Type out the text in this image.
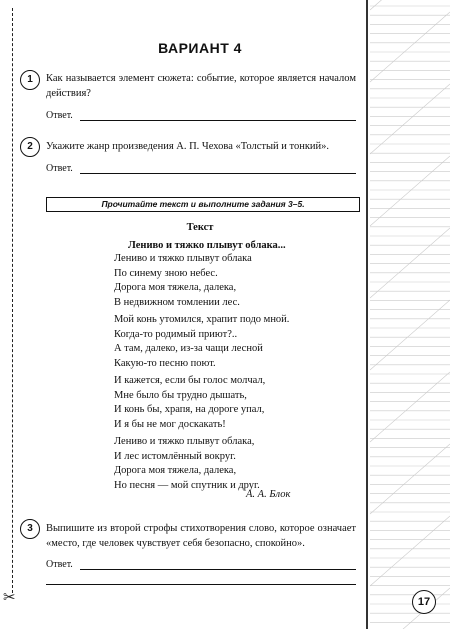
✂
ВАРИАНТ 4
1	Как называется элемент сюжета: событие, которое является началом действия?
Ответ.
2	Укажите жанр произведения А. П. Чехова «Толстый и тонкий».
Ответ.
Прочитайте текст и выполните задания 3–5.
Текст
Лениво и тяжко плывут облака...
Лениво и тяжко плывут облака
По синему зною небес.
Дорога моя тяжела, далека,
В недвижном томлении лес.
Мой конь утомился, храпит подо мной.
Когда-то родимый приют?..
А там, далеко, из-за чащи лесной
Какую-то песню поют.
И кажется, если бы голос молчал,
Мне было бы трудно дышать,
И конь бы, храпя, на дороге упал,
И я бы не мог доскакать!
Лениво и тяжко плывут облака,
И лес истомлённый вокруг.
Дорога моя тяжела, далека,
Но песня — мой спутник и друг.
А. А. Блок
3	Выпишите из второй строфы стихотворения слово, которое означает «место, где человек чувствует себя безопасно, спокойно».
Ответ.
17
